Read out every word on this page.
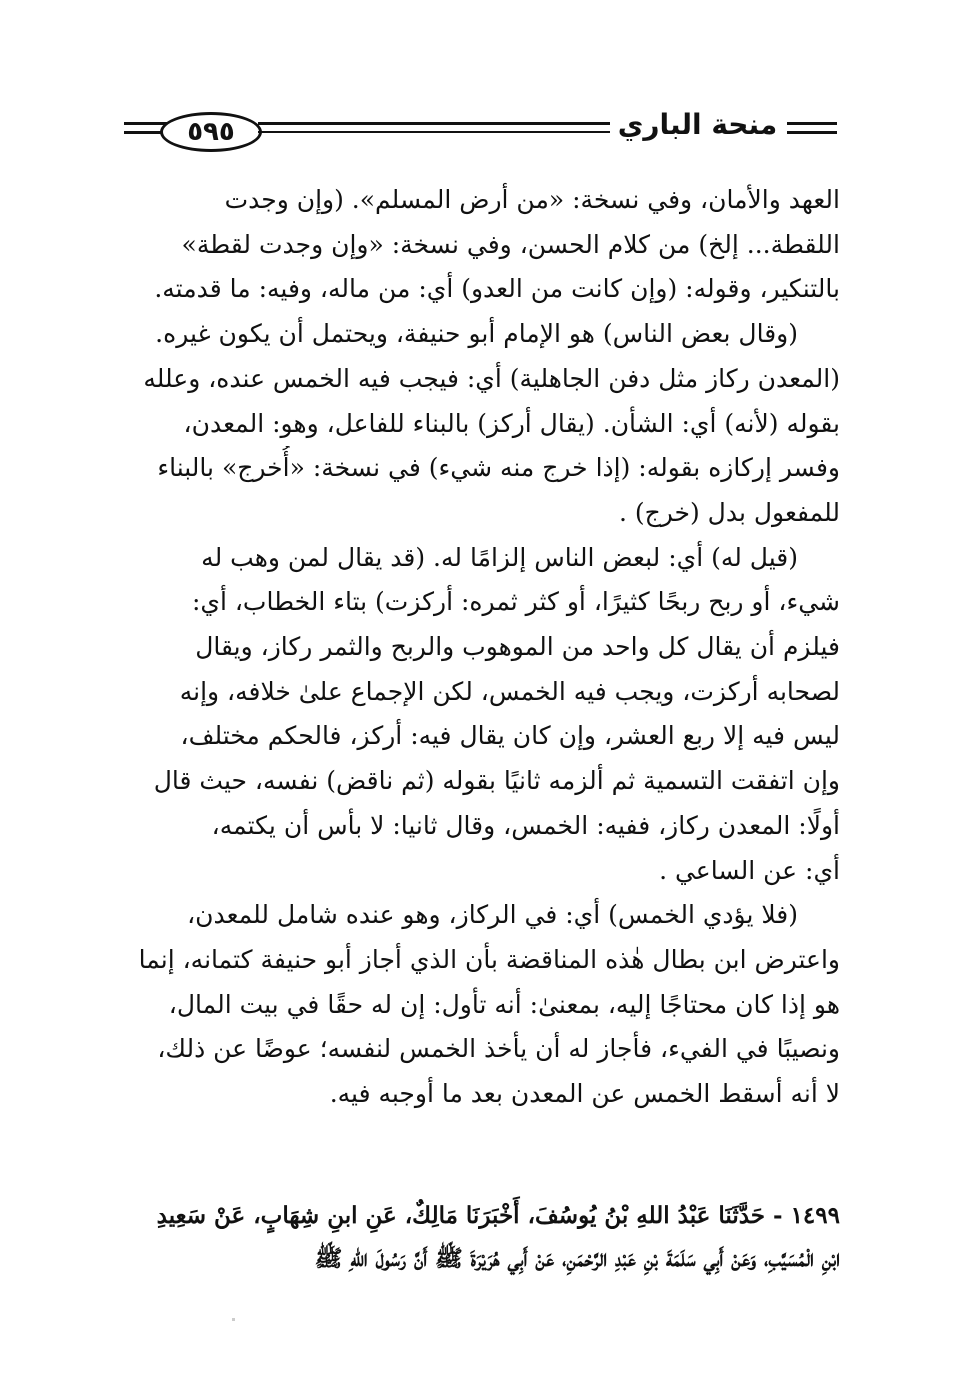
٥٩٥	منحة الباري
العهد والأمان، وفي نسخة: «من أرض المسلم». (وإن وجدت
اللقطة... إلخ) من كلام الحسن، وفي نسخة: «وإن وجدت لقطة»
بالتنكير، وقوله: (وإن كانت من العدو) أي: من ماله، وفيه: ما قدمته.
(وقال بعض الناس) هو الإمام أبو حنيفة، ويحتمل أن يكون غيره.
(المعدن ركاز مثل دفن الجاهلية) أي: فيجب فيه الخمس عنده، وعلله
بقوله (لأنه) أي: الشأن. (يقال أركز) بالبناء للفاعل، وهو: المعدن،
وفسر إركازه بقوله: (إذا خرج منه شيء) في نسخة: «أُخرج» بالبناء
للمفعول بدل (خرج) .
(قيل له) أي: لبعض الناس إلزامًا له. (قد يقال لمن وهب له
شيء، أو ربح ربحًا كثيرًا، أو كثر ثمره: أركزت) بتاء الخطاب، أي:
فيلزم أن يقال كل واحد من الموهوب والربح والثمر ركاز، ويقال
لصحابه أركزت، ويجب فيه الخمس، لكن الإجماع علىٰ خلافه، وإنه
ليس فيه إلا ربع العشر، وإن كان يقال فيه: أركز، فالحكم مختلف،
وإن اتفقت التسمية ثم ألزمه ثانيًا بقوله (ثم ناقض) نفسه، حيث قال
أولًا: المعدن ركاز، ففيه: الخمس، وقال ثانيا: لا بأس أن يكتمه،
أي: عن الساعي .
(فلا يؤدي الخمس) أي: في الركاز، وهو عنده شامل للمعدن،
واعترض ابن بطال هٰذه المناقضة بأن الذي أجاز أبو حنيفة كتمانه، إنما
هو إذا كان محتاجًا إليه، بمعنىٰ: أنه تأول: إن له حقًا في بيت المال،
ونصيبًا في الفيء، فأجاز له أن يأخذ الخمس لنفسه؛ عوضًا عن ذلك،
لا أنه أسقط الخمس عن المعدن بعد ما أوجبه فيه.
١٤٩٩ - حَدَّثَنَا عَبْدُ اللهِ بْنُ يُوسُفَ، أَخْبَرَنَا مَالِكٌ، عَنِ ابنِ شِهَابٍ، عَنْ سَعِيدِ
ابْنِ الْمُسَيَّبِ، وَعَنْ أَبِي سَلَمَةَ بْنِ عَبْدِ الرَّحْمَنِ، عَنْ أَبِي هُرَيْرَةَ ﷺ أَنَّ رَسُولَ اللهِ ﷺ
